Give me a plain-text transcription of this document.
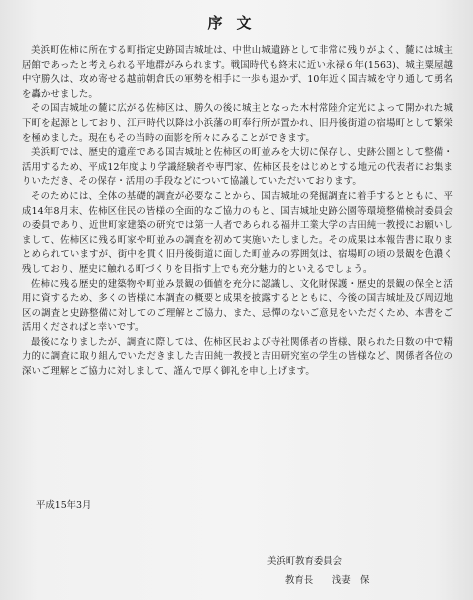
序文

美浜町佐柿に所在する町指定史跡国吉城址は、中世山城遺跡として非常に残りがよく、麓には城主居館であったと考えられる平地群がみられます。戦国時代も終末に近い永禄６年(1563)、城主粟屋越中守勝久は、攻め寄せる越前朝倉氏の軍勢を相手に一歩も退かず、10年近く国吉城を守り通して勇名を轟かせました。

その国吉城址の麓に広がる佐柿区は、勝久の後に城主となった木村常陸介定光によって開かれた城下町を起源としており、江戸時代以降は小浜藩の町奉行所が置かれ、旧丹後街道の宿場町として繁栄を極めました。現在もその当時の面影を所々にみることができます。

美浜町では、歴史的遺産である国吉城址と佐柿区の町並みを大切に保存し、史跡公園として整備・活用するため、平成12年度より学識経験者や専門家、佐柿区長をはじめとする地元の代表者にお集まりいただき、その保存・活用の手段などについて協議していただいております。

そのためには、全体の基礎的調査が必要なことから、国吉城址の発掘調査に着手するとともに、平成14年8月末、佐柿区住民の皆様の全面的なご協力のもと、国吉城址史跡公園等環境整備検討委員会の委員であり、近世町家建築の研究では第一人者であられる福井工業大学の吉田純一教授にお願いしまして、佐柿区に残る町家や町並みの調査を初めて実施いたしました。その成果は本報告書に取りまとめられていますが、街中を貫く旧丹後街道に面した町並みの雰囲気は、宿場町の頃の景観を色濃く残しており、歴史に触れる町づくりを目指す上でも充分魅力的といえるでしょう。

佐柿に残る歴史的建築物や町並み景観の価値を充分に認識し、文化財保護・歴史的景観の保全と活用に資するため、多くの皆様に本調査の概要と成果を披露するとともに、今後の国吉城址及び周辺地区の調査と史跡整備に対してのご理解とご協力、また、忌憚のないご意見をいただくため、本書をご活用くださればと幸いです。

最後になりましたが、調査に際しては、佐柿区民および寺社関係者の皆様、限られた日数の中で精力的に調査に取り組んでいただきました吉田純一教授と吉田研究室の学生の皆様など、関係者各位の深いご理解とご協力に対しまして、謹んで厚く御礼を申し上げます。

平成15年3月
美浜町教育委員会
教育長　　浅妻　保
